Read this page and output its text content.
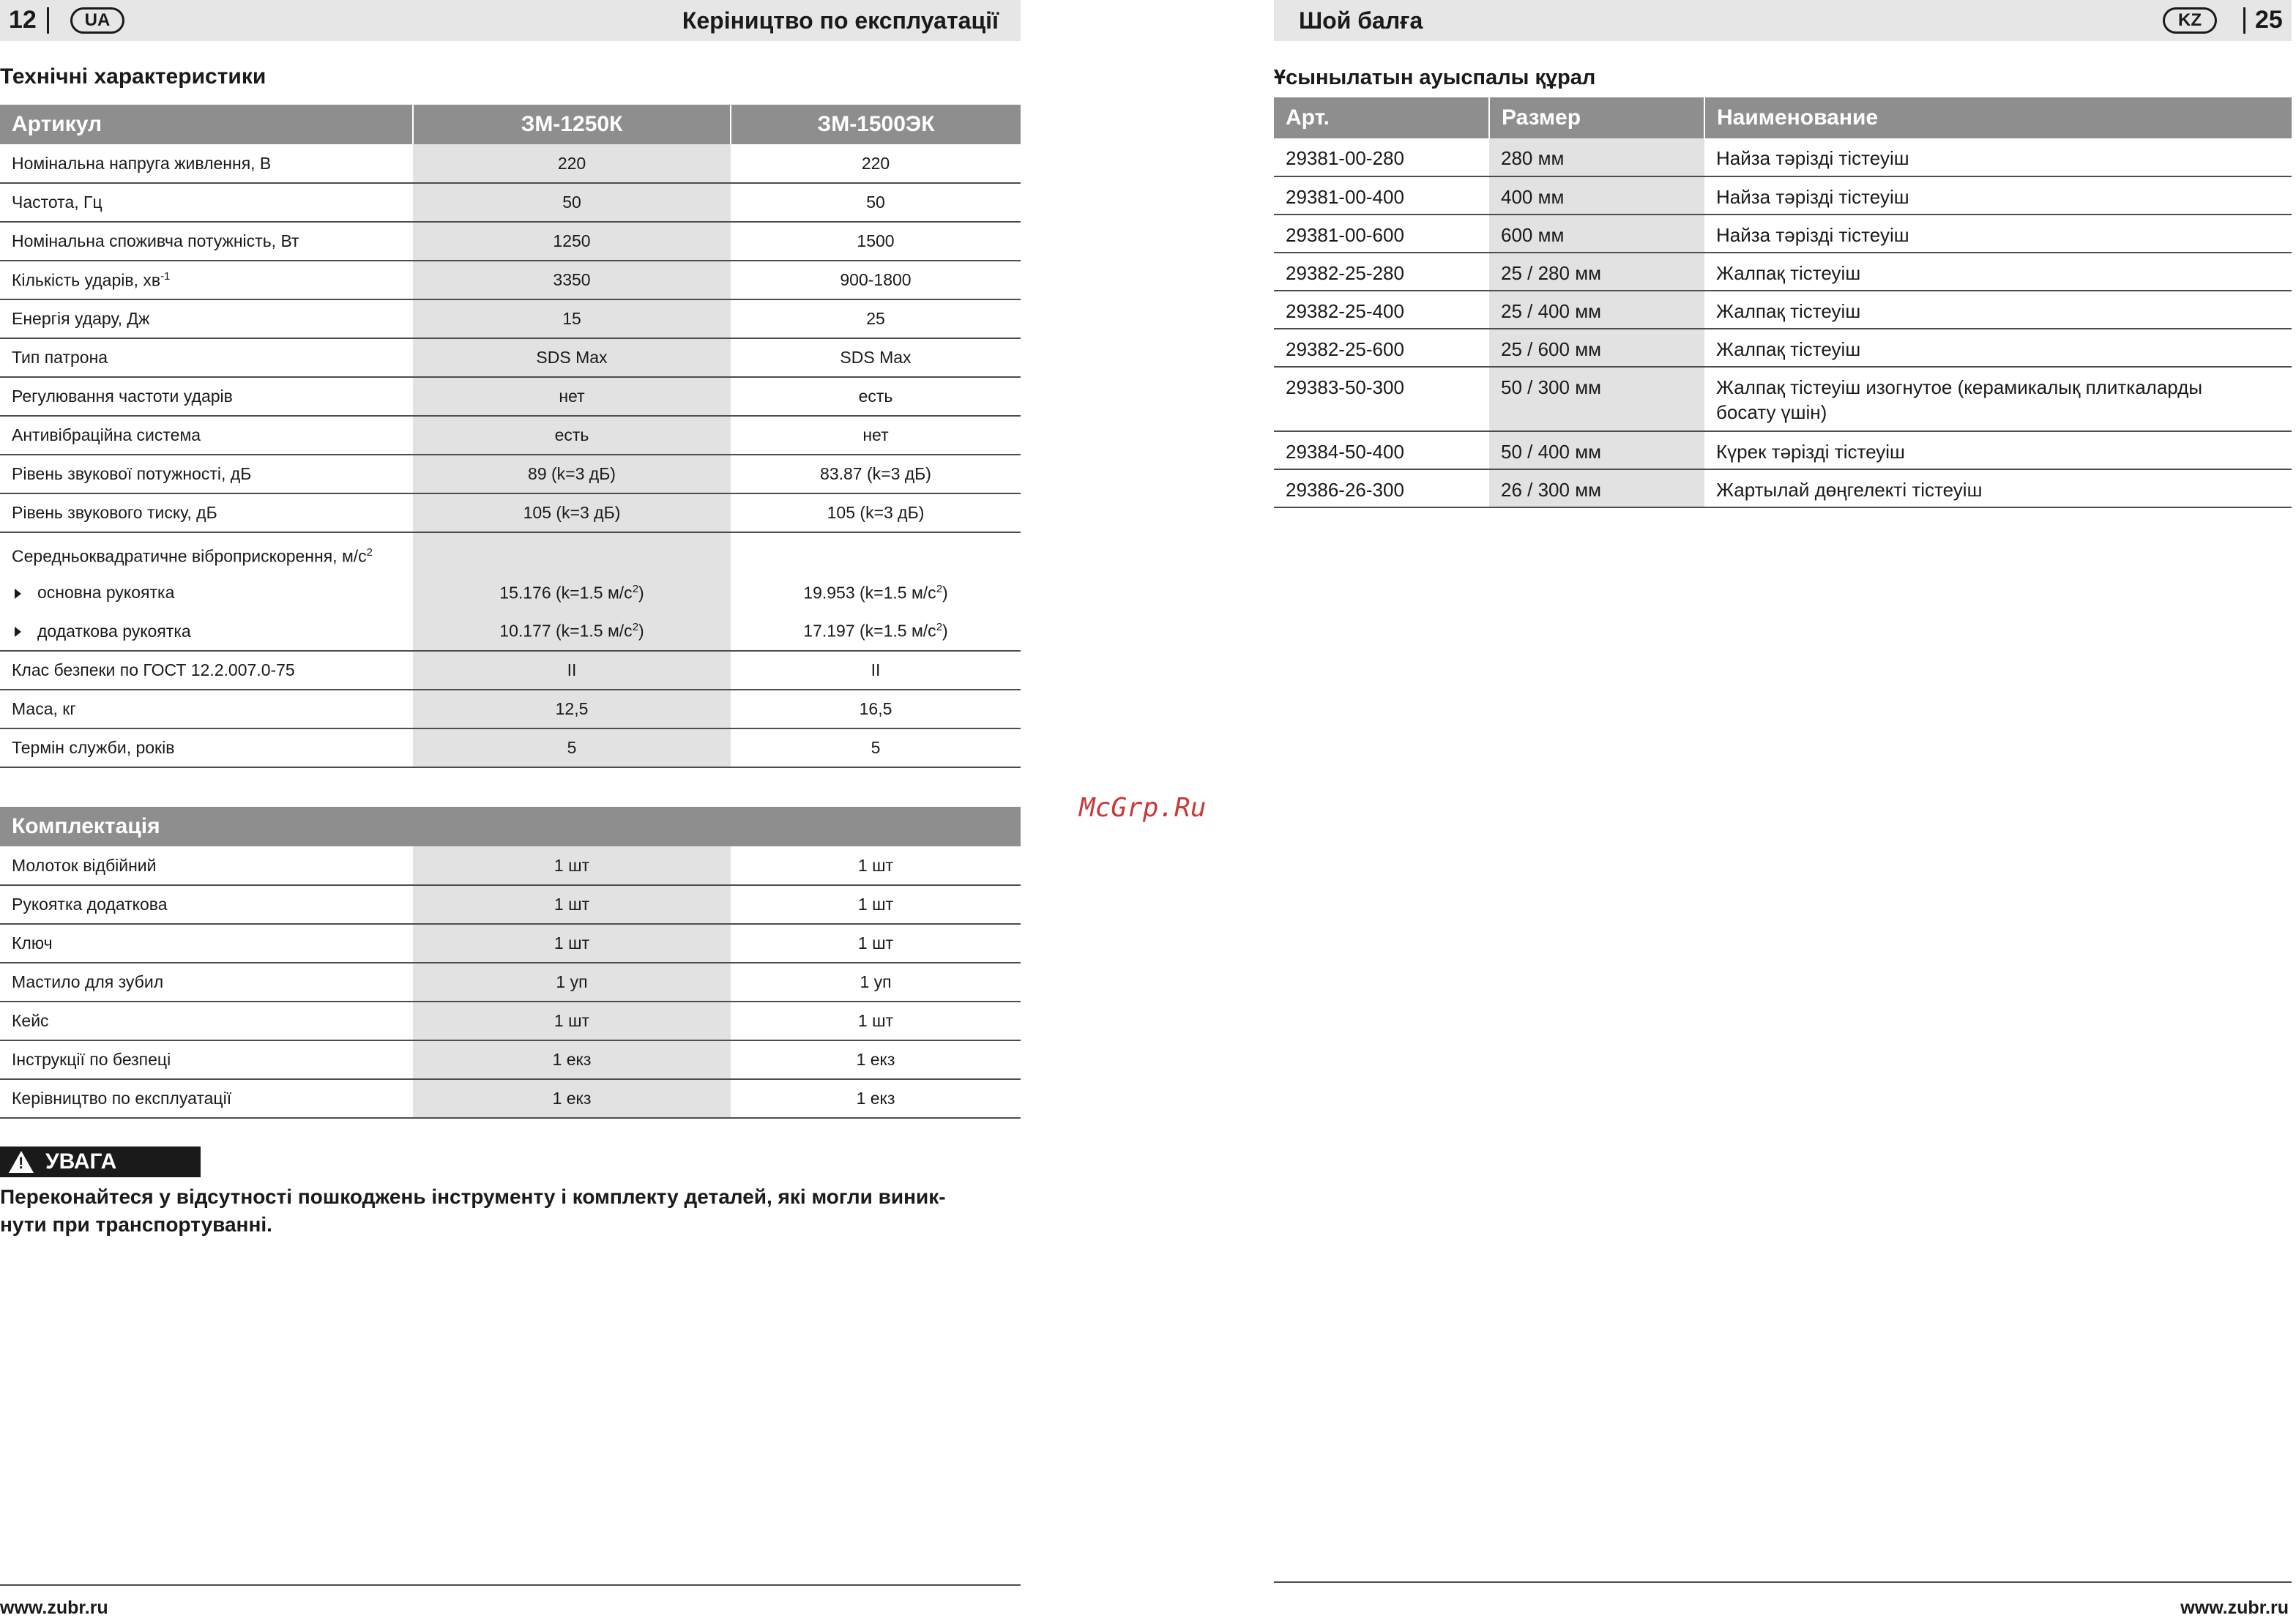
12	UA	Керіництво по експлуатації
Технічні характеристики
Артикул	ЗМ-1250К	ЗМ-1500ЭК
Номінальна напруга живлення, В	220	220
Частота, Гц	50	50
Номінальна споживча потужність, Вт	1250	1500
Кількість ударів, $хв^{-1}$	3350	900-1800
Енергія удару, Дж	15	25
Тип патрона	SDS Max	SDS Max
Регулювання частоти ударів	нет	есть
Антивібраційна система	есть	нет
Рівень звукової потужності, дБ	89 (k=3 дБ)	83.87 (k=3 дБ)
Рівень звукового тиску, дБ	105 (k=3 дБ)	105 (k=3 дБ)
Середньоквадратичне віброприскорення, $м/с^2$		
основна рукоятка	15.176 (k=1.5 $м/с^2$)	19.953 (k=1.5 $м/с^2$)
додаткова рукоятка	10.177 (k=1.5 $м/с^2$)	17.197 (k=1.5 $м/с^2$)
Клас безпеки по ГОСТ 12.2.007.0-75	II	II
Маса, кг	12,5	16,5
Термін служби, років	5	5
Комплектація		
Молоток відбійний	1 шт	1 шт
Рукоятка додаткова	1 шт	1 шт
Ключ	1 шт	1 шт
Мастило для зубил	1 уп	1 уп
Кейс	1 шт	1 шт
Інструкції по безпеці	1 екз	1 екз
Керівництво по експлуатації	1 екз	1 екз
! УВАГА
Переконайтеся у відсутності пошкоджень інструменту і комплекту деталей, які могли виник-
нути при транспортуванні.
www.zubr.ru
McGrp.Ru
Шой балға	KZ	25
Ұсынылатын ауыспалы құрал
Арт.	Размер	Наименование
29381-00-280	280 мм	Найза тәрізді тістеуіш
29381-00-400	400 мм	Найза тәрізді тістеуіш
29381-00-600	600 мм	Найза тәрізді тістеуіш
29382-25-280	25 / 280 мм	Жалпақ тістеуіш
29382-25-400	25 / 400 мм	Жалпақ тістеуіш
29382-25-600	25 / 600 мм	Жалпақ тістеуіш
29383-50-300	50 / 300 мм	Жалпақ тістеуіш изогнутое (керамикалық плиткаларды
босату үшін)

29384-50-400	50 / 400 мм	Күрек тәрізді тістеуіш
29386-26-300	26 / 300 мм	Жартылай дөңгелекті тістеуіш
www.zubr.ru
